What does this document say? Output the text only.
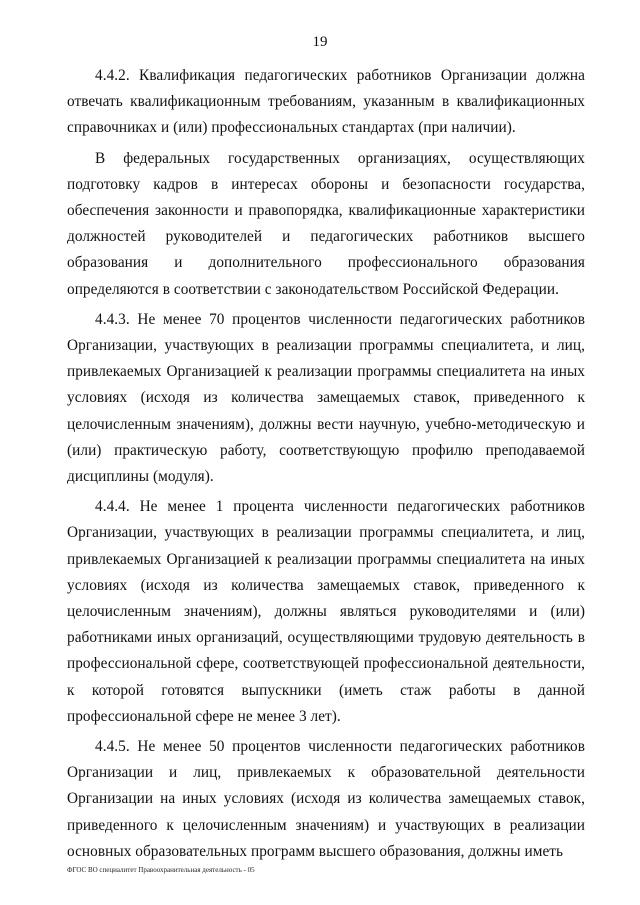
19

4.4.2. Квалификация педагогических работников Организации должна отвечать квалификационным требованиям, указанным в квалификационных справочниках и (или) профессиональных стандартах (при наличии).

В федеральных государственных организациях, осуществляющих подготовку кадров в интересах обороны и безопасности государства, обеспечения законности и правопорядка, квалификационные характеристики должностей руководителей и педагогических работников высшего образования и дополнительного профессионального образования определяются в соответствии с законодательством Российской Федерации.

4.4.3. Не менее 70 процентов численности педагогических работников Организации, участвующих в реализации программы специалитета, и лиц, привлекаемых Организацией к реализации программы специалитета на иных условиях (исходя из количества замещаемых ставок, приведенного к целочисленным значениям), должны вести научную, учебно-методическую и (или) практическую работу, соответствующую профилю преподаваемой дисциплины (модуля).

4.4.4. Не менее 1 процента численности педагогических работников Организации, участвующих в реализации программы специалитета, и лиц, привлекаемых Организацией к реализации программы специалитета на иных условиях (исходя из количества замещаемых ставок, приведенного к целочисленным значениям), должны являться руководителями и (или) работниками иных организаций, осуществляющими трудовую деятельность в профессиональной сфере, соответствующей профессиональной деятельности, к которой готовятся выпускники (иметь стаж работы в данной профессиональной сфере не менее 3 лет).

4.4.5. Не менее 50 процентов численности педагогических работников Организации и лиц, привлекаемых к образовательной деятельности Организации на иных условиях (исходя из количества замещаемых ставок, приведенного к целочисленным значениям) и участвующих в реализации основных образовательных программ высшего образования, должны иметь

ФГОС ВО специалитет Правоохранительная деятельность - 05
